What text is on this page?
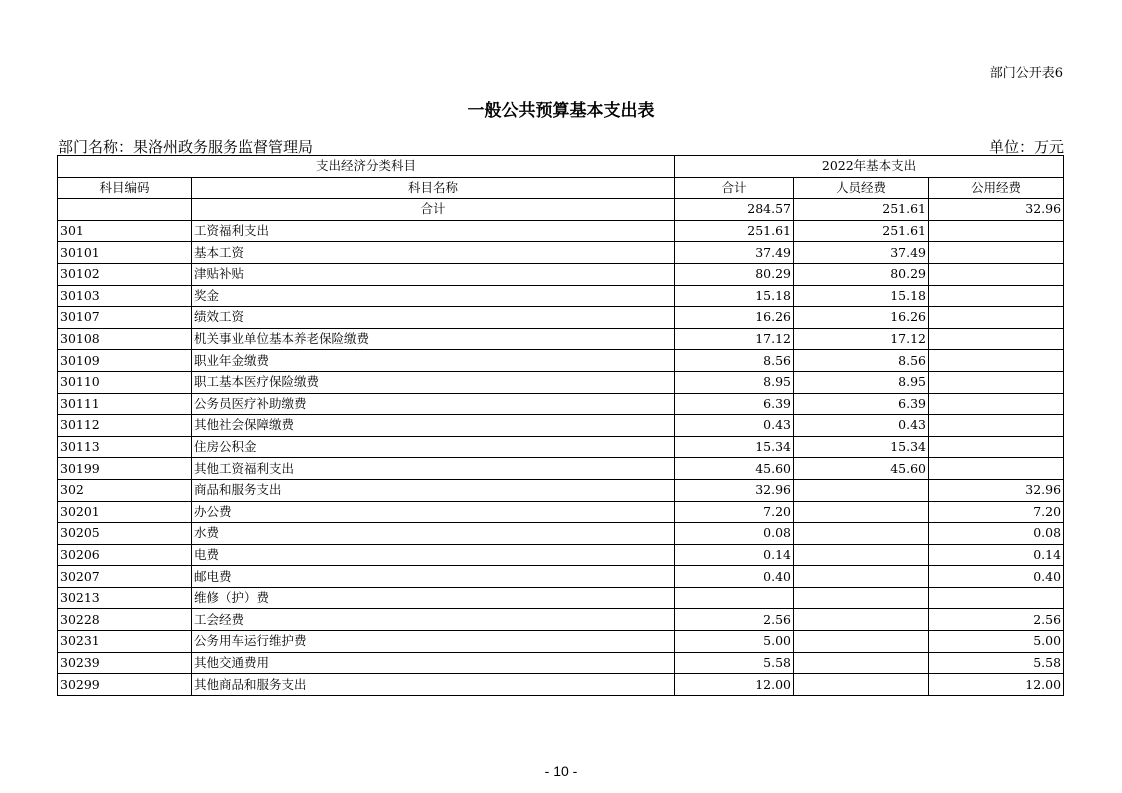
部门公开表6
一般公共预算基本支出表
部门名称：果洛州政务服务监督管理局	单位：万元
支出经济分类科目		2022年基本支出		
科目编码	科目名称	合计	人员经费	公用经费
	合计	284.57	251.61	32.96
301	工资福利支出	251.61	251.61	
30101	基本工资	37.49	37.49	
30102	津贴补贴	80.29	80.29	
30103	奖金	15.18	15.18	
30107	绩效工资	16.26	16.26	
30108	机关事业单位基本养老保险缴费	17.12	17.12	
30109	职业年金缴费	8.56	8.56	
30110	职工基本医疗保险缴费	8.95	8.95	
30111	公务员医疗补助缴费	6.39	6.39	
30112	其他社会保障缴费	0.43	0.43	
30113	住房公积金	15.34	15.34	
30199	其他工资福利支出	45.60	45.60	
302	商品和服务支出	32.96		32.96
30201	办公费	7.20		7.20
30205	水费	0.08		0.08
30206	电费	0.14		0.14
30207	邮电费	0.40		0.40
30213	维修（护）费			
30228	工会经费	2.56		2.56
30231	公务用车运行维护费	5.00		5.00
30239	其他交通费用	5.58		5.58
30299	其他商品和服务支出	12.00		12.00
- 10 -
